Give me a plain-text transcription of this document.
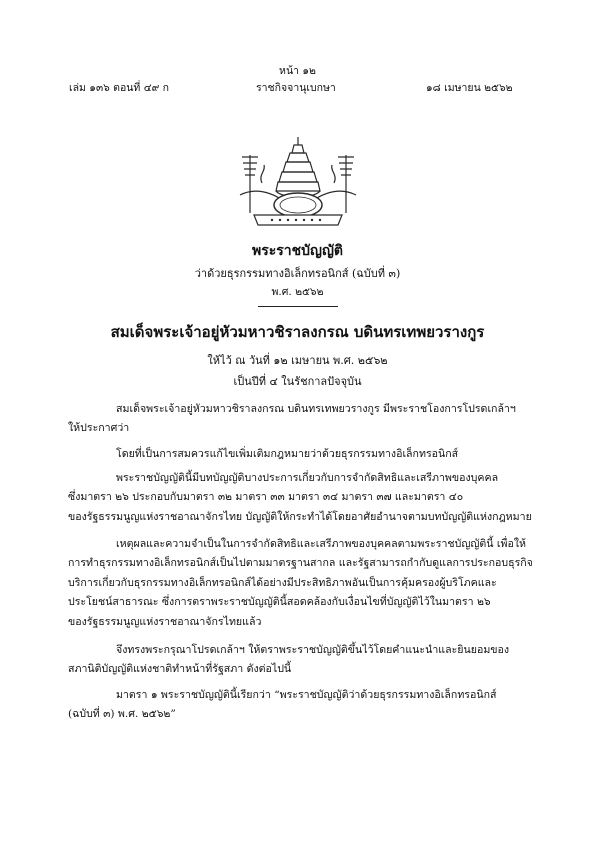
หน้า ๑๒
เล่ม ๑๓๖ ตอนที่ ๔๙ ก	ราชกิจจานุเบกษา	๑๘ เมษายน ๒๕๖๒
พระราชบัญญัติ
ว่าด้วยธุรกรรมทางอิเล็กทรอนิกส์ (ฉบับที่ ๓)
พ.ศ. ๒๕๖๒
สมเด็จพระเจ้าอยู่หัวมหาวชิราลงกรณ บดินทรเทพยวรางกูร
ให้ไว้ ณ วันที่ ๑๒ เมษายน พ.ศ. ๒๕๖๒
เป็นปีที่ ๔ ในรัชกาลปัจจุบัน

สมเด็จพระเจ้าอยู่หัวมหาวชิราลงกรณ บดินทรเทพยวรางกูร มีพระราชโองการโปรดเกล้าฯ

ให้ประกาศว่า

โดยที่เป็นการสมควรแก้ไขเพิ่มเติมกฎหมายว่าด้วยธุรกรรมทางอิเล็กทรอนิกส์

พระราชบัญญัตินี้มีบทบัญญัติบางประการเกี่ยวกับการจำกัดสิทธิและเสรีภาพของบุคคล

ซึ่งมาตรา ๒๖ ประกอบกับมาตรา ๓๒ มาตรา ๓๓ มาตรา ๓๔ มาตรา ๓๗ และมาตรา ๔๐

ของรัฐธรรมนูญแห่งราชอาณาจักรไทย บัญญัติให้กระทำได้โดยอาศัยอำนาจตามบทบัญญัติแห่งกฎหมาย

เหตุผลและความจำเป็นในการจำกัดสิทธิและเสรีภาพของบุคคลตามพระราชบัญญัตินี้ เพื่อให้

การทำธุรกรรมทางอิเล็กทรอนิกส์เป็นไปตามมาตรฐานสากล และรัฐสามารถกำกับดูแลการประกอบธุรกิจ

บริการเกี่ยวกับธุรกรรมทางอิเล็กทรอนิกส์ได้อย่างมีประสิทธิภาพอันเป็นการคุ้มครองผู้บริโภคและ

ประโยชน์สาธารณะ ซึ่งการตราพระราชบัญญัตินี้สอดคล้องกับเงื่อนไขที่บัญญัติไว้ในมาตรา ๒๖

ของรัฐธรรมนูญแห่งราชอาณาจักรไทยแล้ว

จึงทรงพระกรุณาโปรดเกล้าฯ ให้ตราพระราชบัญญัติขึ้นไว้โดยคำแนะนำและยินยอมของ

สภานิติบัญญัติแห่งชาติทำหน้าที่รัฐสภา ดังต่อไปนี้

มาตรา ๑ พระราชบัญญัตินี้เรียกว่า “พระราชบัญญัติว่าด้วยธุรกรรมทางอิเล็กทรอนิกส์

(ฉบับที่ ๓) พ.ศ. ๒๕๖๒”
